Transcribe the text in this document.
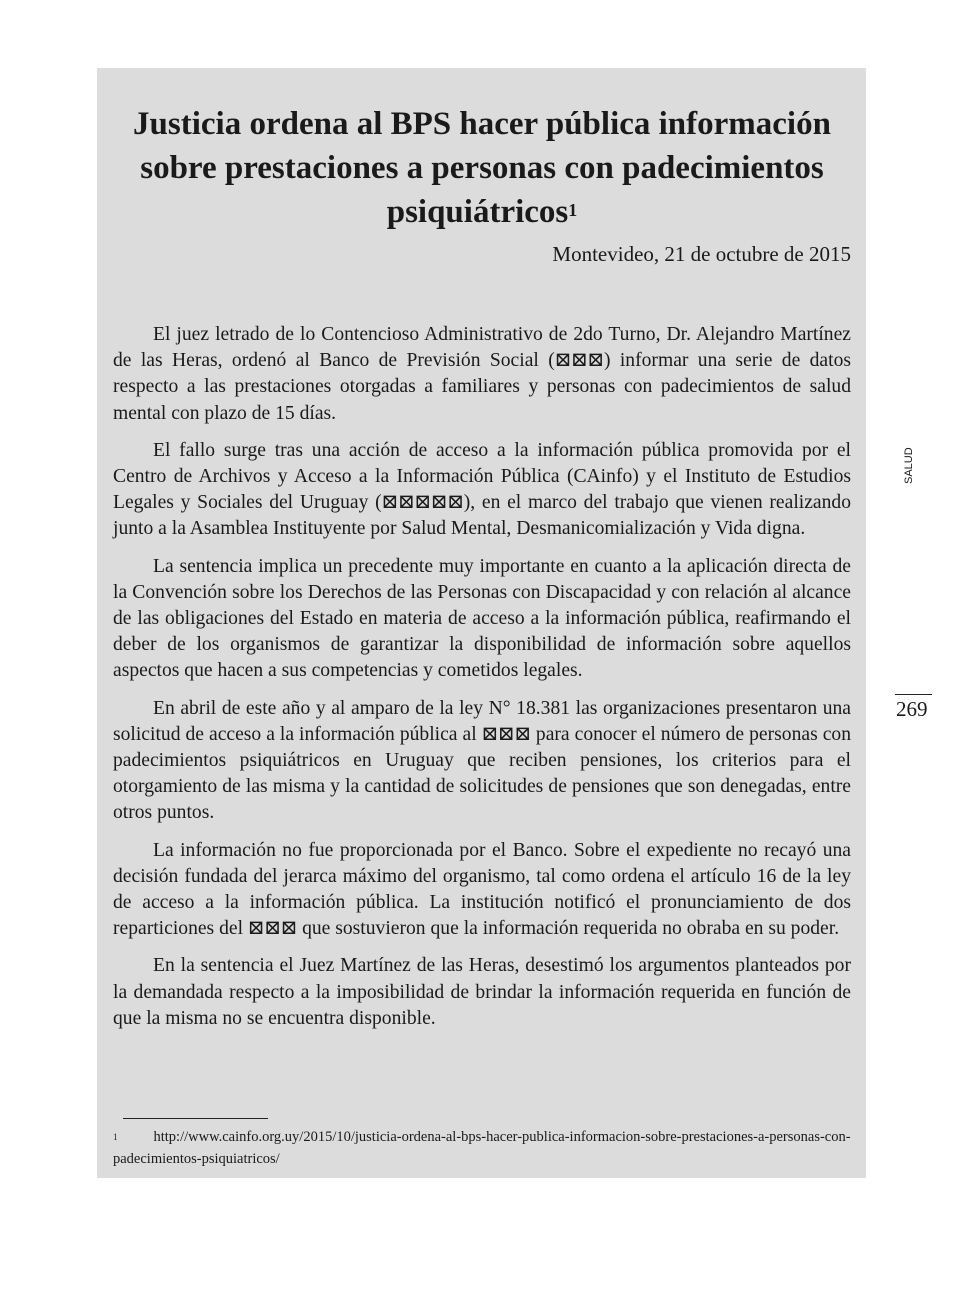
Justicia ordena al BPS hacer pública información sobre prestaciones a personas con padecimientos psiquiátricos$^1$
Montevideo, 21 de octubre de 2015

El juez letrado de lo Contencioso Administrativo de 2do Turno, Dr. Alejandro Martínez de las Heras, ordenó al Banco de Previsión Social (⊠⊠⊠) informar una serie de datos respecto a las prestaciones otorgadas a familiares y personas con padecimientos de salud mental con plazo de 15 días.

El fallo surge tras una acción de acceso a la información pública promovida por el Centro de Archivos y Acceso a la Información Pública (CAinfo) y el Instituto de Estudios Legales y Sociales del Uruguay (⊠⊠⊠⊠⊠), en el marco del trabajo que vienen realizando junto a la Asamblea Instituyente por Salud Mental, Desmanicomialización y Vida digna.

La sentencia implica un precedente muy importante en cuanto a la aplicación directa de la Convención sobre los Derechos de las Personas con Discapacidad y con relación al alcance de las obligaciones del Estado en materia de acceso a la información pública, reafirmando el deber de los organismos de garantizar la disponibilidad de información sobre aquellos aspectos que hacen a sus competencias y cometidos legales.

En abril de este año y al amparo de la ley N° 18.381 las organizaciones presentaron una solicitud de acceso a la información pública al ⊠⊠⊠ para conocer el número de personas con padecimientos psiquiátricos en Uruguay que reciben pensiones, los criterios para el otorgamiento de las misma y la cantidad de solicitudes de pensiones que son denegadas, entre otros puntos.

La información no fue proporcionada por el Banco. Sobre el expediente no recayó una decisión fundada del jerarca máximo del organismo, tal como ordena el artículo 16 de la ley de acceso a la información pública. La institución notificó el pronunciamiento de dos reparticiones del ⊠⊠⊠ que sostuvieron que la información requerida no obraba en su poder.

En la sentencia el Juez Martínez de las Heras, desestimó los argumentos planteados por la demandada respecto a la imposibilidad de brindar la información requerida en función de que la misma no se encuentra disponible.

$^1$ http://www.cainfo.org.uy/2015/10/justicia-ordena-al-bps-hacer-publica-informacion-sobre-prestaciones-a-personas-con-padecimientos-psiquiatricos/
SALUD
269
